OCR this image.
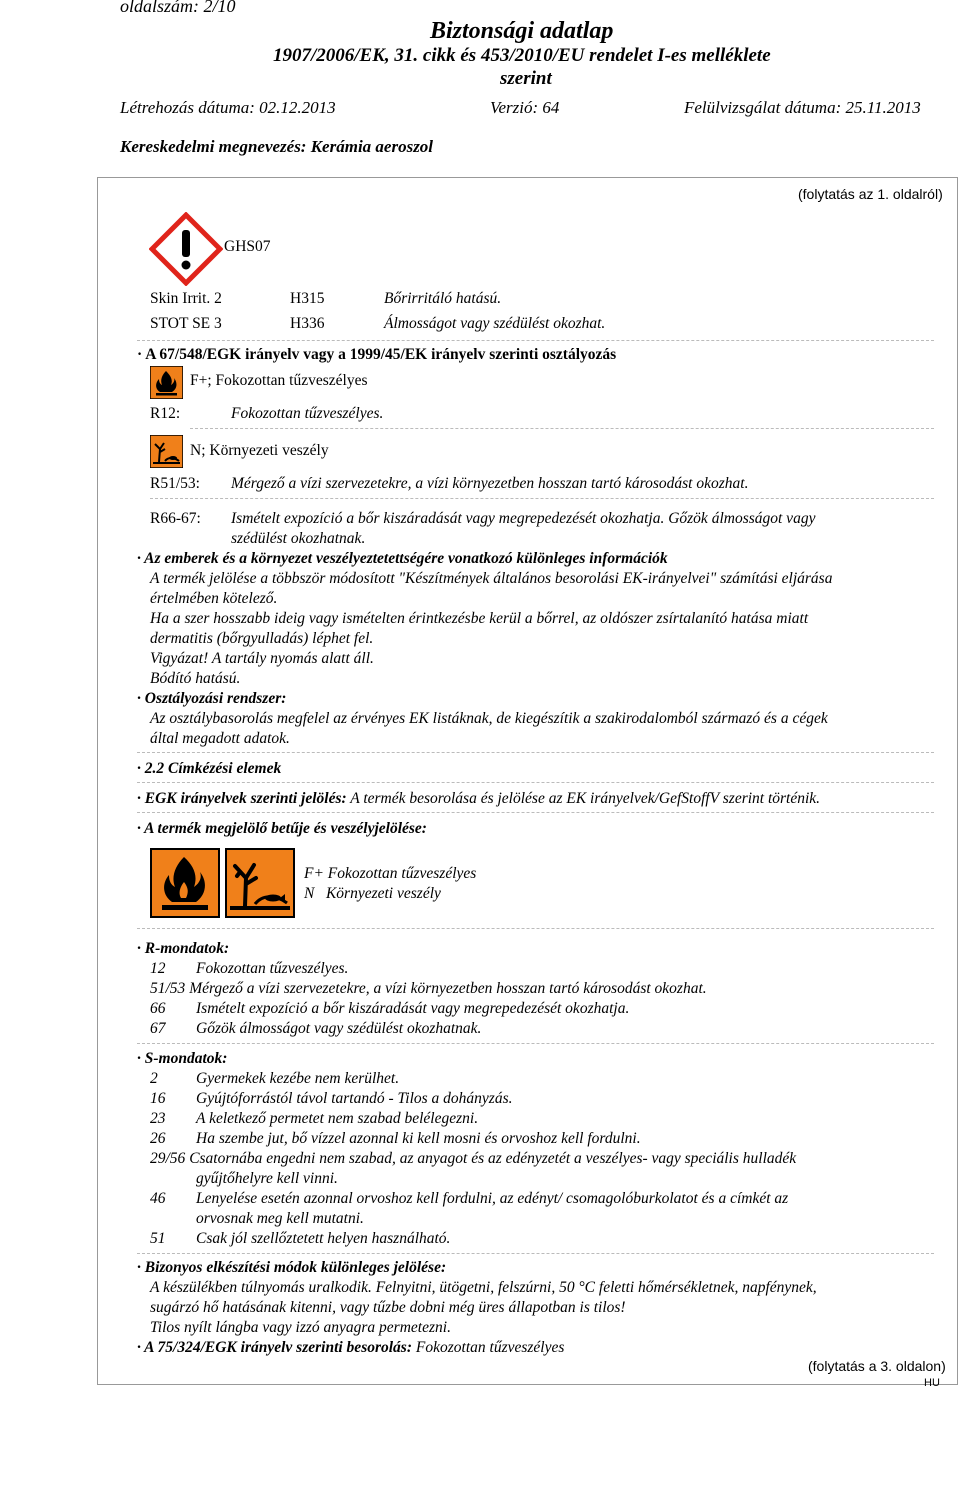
oldalszám: 2/10
Biztonsági adatlap
1907/2006/EK, 31. cikk és 453/2010/EU rendelet I-es melléklete
szerint
Létrehozás dátuma: 02.12.2013	Verzió: 64	Felülvizsgálat dátuma: 25.11.2013
Kereskedelmi megnevezés: Kerámia aeroszol
(folytatás az 1. oldalról)
GHS07
Skin Irrit. 2	H315	Bőrirritáló hatású.
STOT SE 3	H336	Álmosságot vagy szédülést okozhat.
· A 67/548/EGK irányelv vagy a 1999/45/EK irányelv szerinti osztályozás
F+; Fokozottan tűzveszélyes
R12:	Fokozottan tűzveszélyes.
N; Környezeti veszély
R51/53: Mérgező a vízi szervezetekre, a vízi környezetben hosszan tartó károsodást okozhat.
R66-67: Ismételt expozíció a bőr kiszáradását vagy megrepedezését okozhatja. Gőzök álmosságot vagy
szédülést okozhatnak.
· Az emberek és a környezet veszélyeztetettségére vonatkozó különleges információk
A termék jelölése a többször módosított "Készítmények általános besorolási EK-irányelvei" számítási eljárása
értelmében kötelező.
Ha a szer hosszabb ideig vagy ismételten érintkezésbe kerül a bőrrel, az oldószer zsírtalanító hatása miatt
dermatitis (bőrgyulladás) léphet fel.
Vigyázat! A tartály nyomás alatt áll.
Bódító hatású.
· Osztályozási rendszer:
Az osztálybasorolás megfelel az érvényes EK listáknak, de kiegészítik a szakirodalomból származó és a cégek
által megadott adatok.
· 2.2 Címkézési elemek
· EGK irányelvek szerinti jelölés: A termék besorolása és jelölése az EK irányelvek/GefStoffV szerint történik.
· A termék megjelölő betűje és veszélyjelölése:
F+ Fokozottan tűzveszélyes
N   Környezeti veszély
· R-mondatok:
12 Fokozottan tűzveszélyes.
51/53 Mérgező a vízi szervezetekre, a vízi környezetben hosszan tartó károsodást okozhat.
66 Ismételt expozíció a bőr kiszáradását vagy megrepedezését okozhatja.
67 Gőzök álmosságot vagy szédülést okozhatnak.
· S-mondatok:
2 Gyermekek kezébe nem kerülhet.
16 Gyújtóforrástól távol tartandó - Tilos a dohányzás.
23 A keletkező permetet nem szabad belélegezni.
26 Ha szembe jut, bő vízzel azonnal ki kell mosni és orvoshoz kell fordulni.
29/56 Csatornába engedni nem szabad, az anyagot és az edényzetét a veszélyes- vagy speciális hulladék
gyűjtőhelyre kell vinni.
46 Lenyelése esetén azonnal orvoshoz kell fordulni, az edényt/ csomagolóburkolatot és a címkét az
orvosnak meg kell mutatni.
51 Csak jól szellőztetett helyen használható.
· Bizonyos elkészítési módok különleges jelölése:
A készülékben túlnyomás uralkodik. Felnyitni, ütögetni, felszúrni, 50 °C feletti hőmérsékletnek, napfénynek,
sugárzó hő hatásának kitenni, vagy tűzbe dobni még üres állapotban is tilos!
Tilos nyílt lángba vagy izzó anyagra permetezni.
· A 75/324/EGK irányelv szerinti besorolás: Fokozottan tűzveszélyes
(folytatás a 3. oldalon)
HU
